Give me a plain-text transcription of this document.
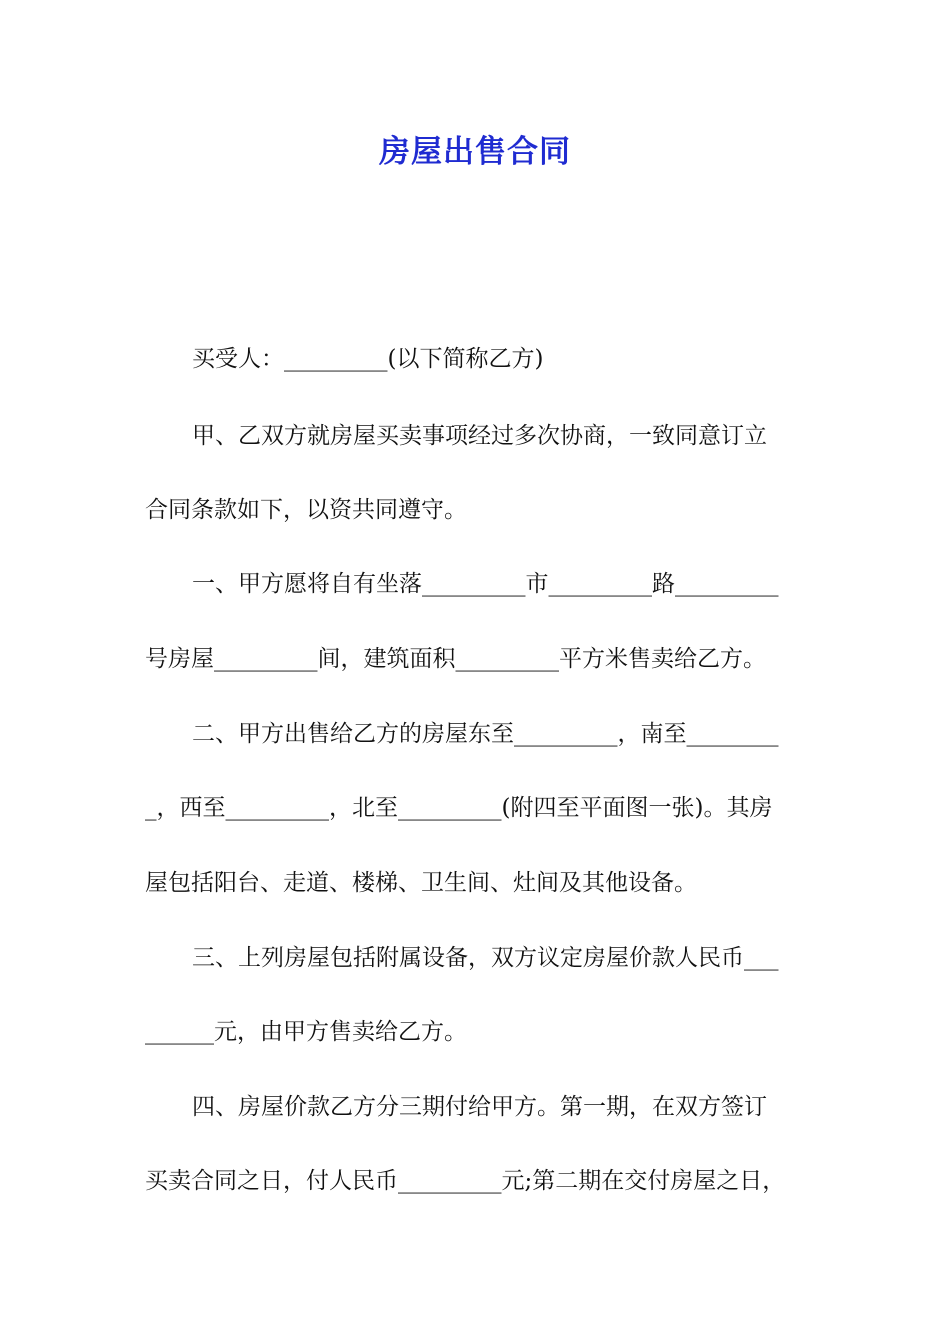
房屋出售合同
买受人：_________(以下简称乙方)
甲、乙双方就房屋买卖事项经过多次协商，一致同意订立
合同条款如下，以资共同遵守。
一、甲方愿将自有坐落_________市_________路_________
号房屋_________间，建筑面积_________平方米售卖给乙方。
二、甲方出售给乙方的房屋东至_________，南至________
_，西至_________，北至_________(附四至平面图一张)。其房
屋包括阳台、走道、楼梯、卫生间、灶间及其他设备。
三、上列房屋包括附属设备，双方议定房屋价款人民币___
______元，由甲方售卖给乙方。
四、房屋价款乙方分三期付给甲方。第一期，在双方签订
买卖合同之日，付人民币_________元;第二期在交付房屋之日，
